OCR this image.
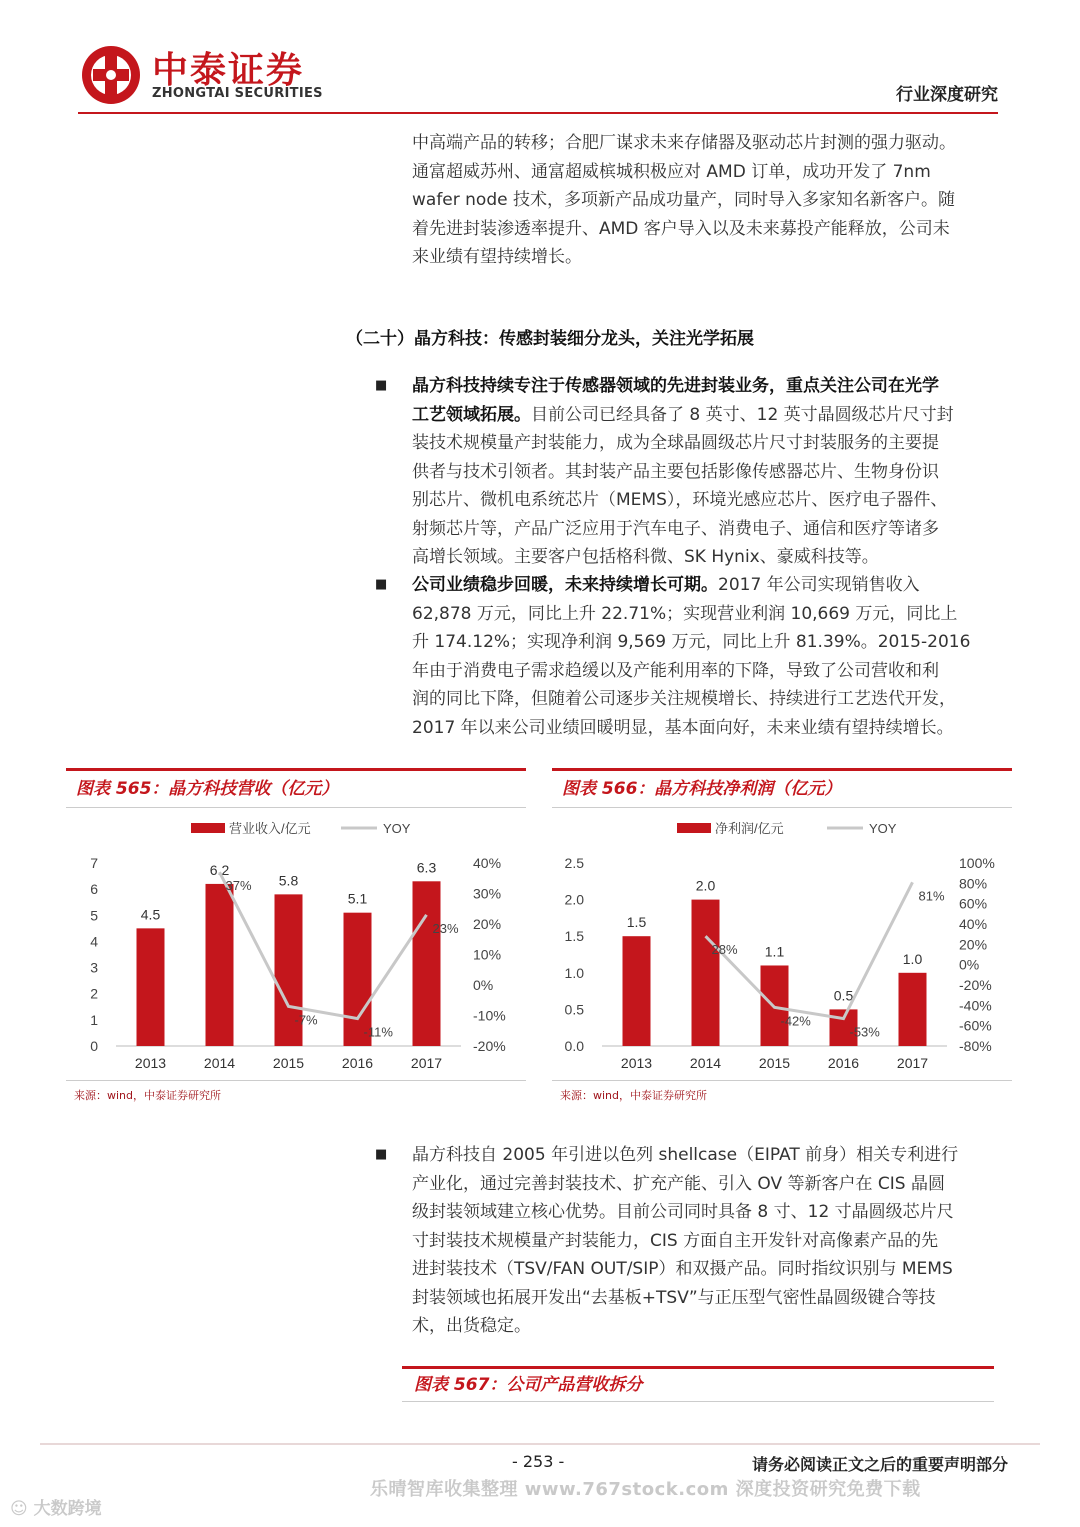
中泰证券
ZHONGTAI SECURITIES	行业深度研究
中高端产品的转移；合肥厂谋求未来存储器及驱动芯片封测的强力驱动。
通富超威苏州、通富超威槟城积极应对 AMD 订单，成功开发了 7nm
wafer node 技术，多项新产品成功量产，同时导入多家知名新客户。随
着先进封装渗透率提升、AMD 客户导入以及未来募投产能释放，公司未
来业绩有望持续增长。
（二十）晶方科技：传感封装细分龙头，关注光学拓展
■ 晶方科技持续专注于传感器领域的先进封装业务，重点关注公司在光学
工艺领域拓展。目前公司已经具备了 8 英寸、12 英寸晶圆级芯片尺寸封
装技术规模量产封装能力，成为全球晶圆级芯片尺寸封装服务的主要提
供者与技术引领者。其封装产品主要包括影像传感器芯片、生物身份识
别芯片、微机电系统芯片（MEMS），环境光感应芯片、医疗电子器件、
射频芯片等，产品广泛应用于汽车电子、消费电子、通信和医疗等诸多
高增长领域。主要客户包括格科微、SK Hynix、豪威科技等。
■ 公司业绩稳步回暖，未来持续增长可期。2017 年公司实现销售收入
62,878 万元，同比上升 22.71%；实现营业利润 10,669 万元，同比上
升 174.12%；实现净利润 9,569 万元，同比上升 81.39%。2015-2016
年由于消费电子需求趋缓以及产能利用率的下降，导致了公司营收和利
润的同比下降，但随着公司逐步关注规模增长、持续进行工艺迭代开发，
2017 年以来公司业绩回暖明显，基本面向好，未来业绩有望持续增长。
图表 565：晶方科技营收（亿元）
营业收入/亿元	YOY
0
1
2
3
4
5
6
7
-20%
-10%
0%
10%
20%
30%
40%
4.5
2013
6.2
2014
5.8
2015
5.1
2016
6.3
2017
37%
-7%
-11%
23%
来源：wind，中泰证券研究所
图表 566：晶方科技净利润（亿元）
净利润/亿元	YOY
0.0
0.5
1.0
1.5
2.0
2.5
-80%
-60%
-40%
-20%
0%
20%
40%
60%
80%
100%
1.5
2013
2.0
2014
1.1
2015
0.5
2016
1.0
2017
28%
-42%
-53%
81%
来源：wind，中泰证券研究所
■ 晶方科技自 2005 年引进以色列 shellcase（EIPAT 前身）相关专利进行
产业化，通过完善封装技术、扩充产能、引入 OV 等新客户在 CIS 晶圆
级封装领域建立核心优势。目前公司同时具备 8 寸、12 寸晶圆级芯片尺
寸封装技术规模量产封装能力，CIS 方面自主开发针对高像素产品的先
进封装技术（TSV/FAN OUT/SIP）和双摄产品。同时指纹识别与 MEMS
封装领域也拓展开发出“去基板+TSV”与正压型气密性晶圆级键合等技
术，出货稳定。
图表 567：公司产品营收拆分
- 253 -	请务必阅读正文之后的重要声明部分
乐晴智库收集整理 www.767stock.com 深度投资研究免费下载
☺ 大数跨境
